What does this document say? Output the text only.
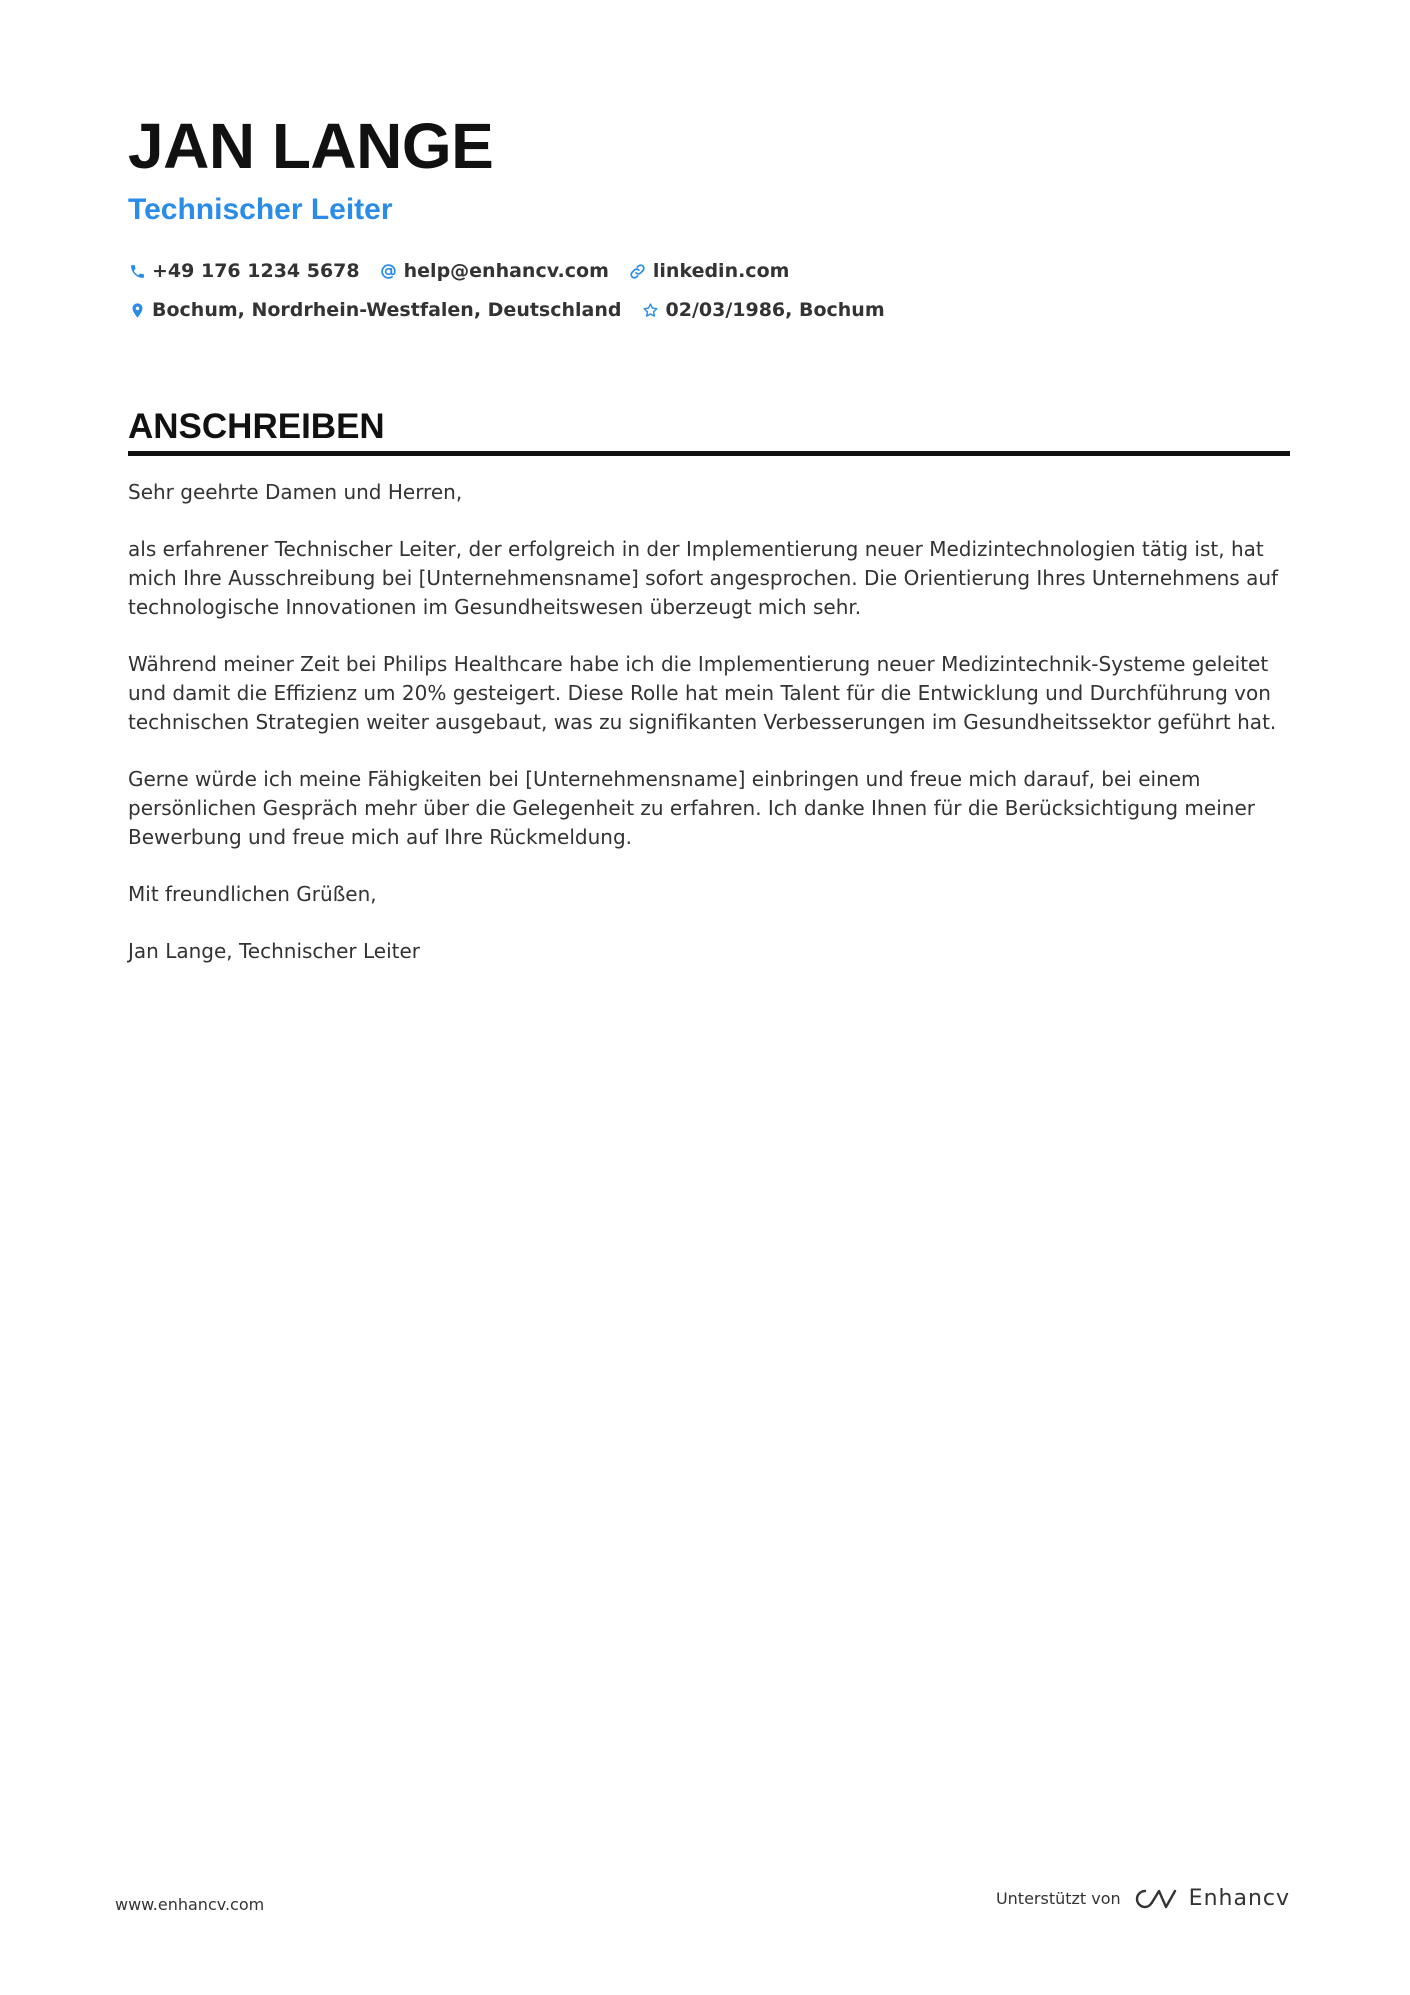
JAN LANGE
Technischer Leiter
+49 176 1234 5678 help@enhancv.com linkedin.com
Bochum, Nordrhein-Westfalen, Deutschland 02/03/1986, Bochum
ANSCHREIBEN

Sehr geehrte Damen und Herren,

als erfahrener Technischer Leiter, der erfolgreich in der Implementierung neuer Medizintechnologien tätig ist, hat mich Ihre Ausschreibung bei [Unternehmensname] sofort angesprochen. Die Orientierung Ihres Unternehmens auf technologische Innovationen im Gesundheitswesen überzeugt mich sehr.

Während meiner Zeit bei Philips Healthcare habe ich die Implementierung neuer Medizintechnik-Systeme geleitet und damit die Effizienz um 20% gesteigert. Diese Rolle hat mein Talent für die Entwicklung und Durchführung von technischen Strategien weiter ausgebaut, was zu signifikanten Verbesserungen im Gesundheitssektor geführt hat.

Gerne würde ich meine Fähigkeiten bei [Unternehmensname] einbringen und freue mich darauf, bei einem persönlichen Gespräch mehr über die Gelegenheit zu erfahren. Ich danke Ihnen für die Berücksichtigung meiner Bewerbung und freue mich auf Ihre Rückmeldung.

Mit freundlichen Grüßen,

Jan Lange, Technischer Leiter

www.enhancv.com	Unterstützt von	Enhancv
